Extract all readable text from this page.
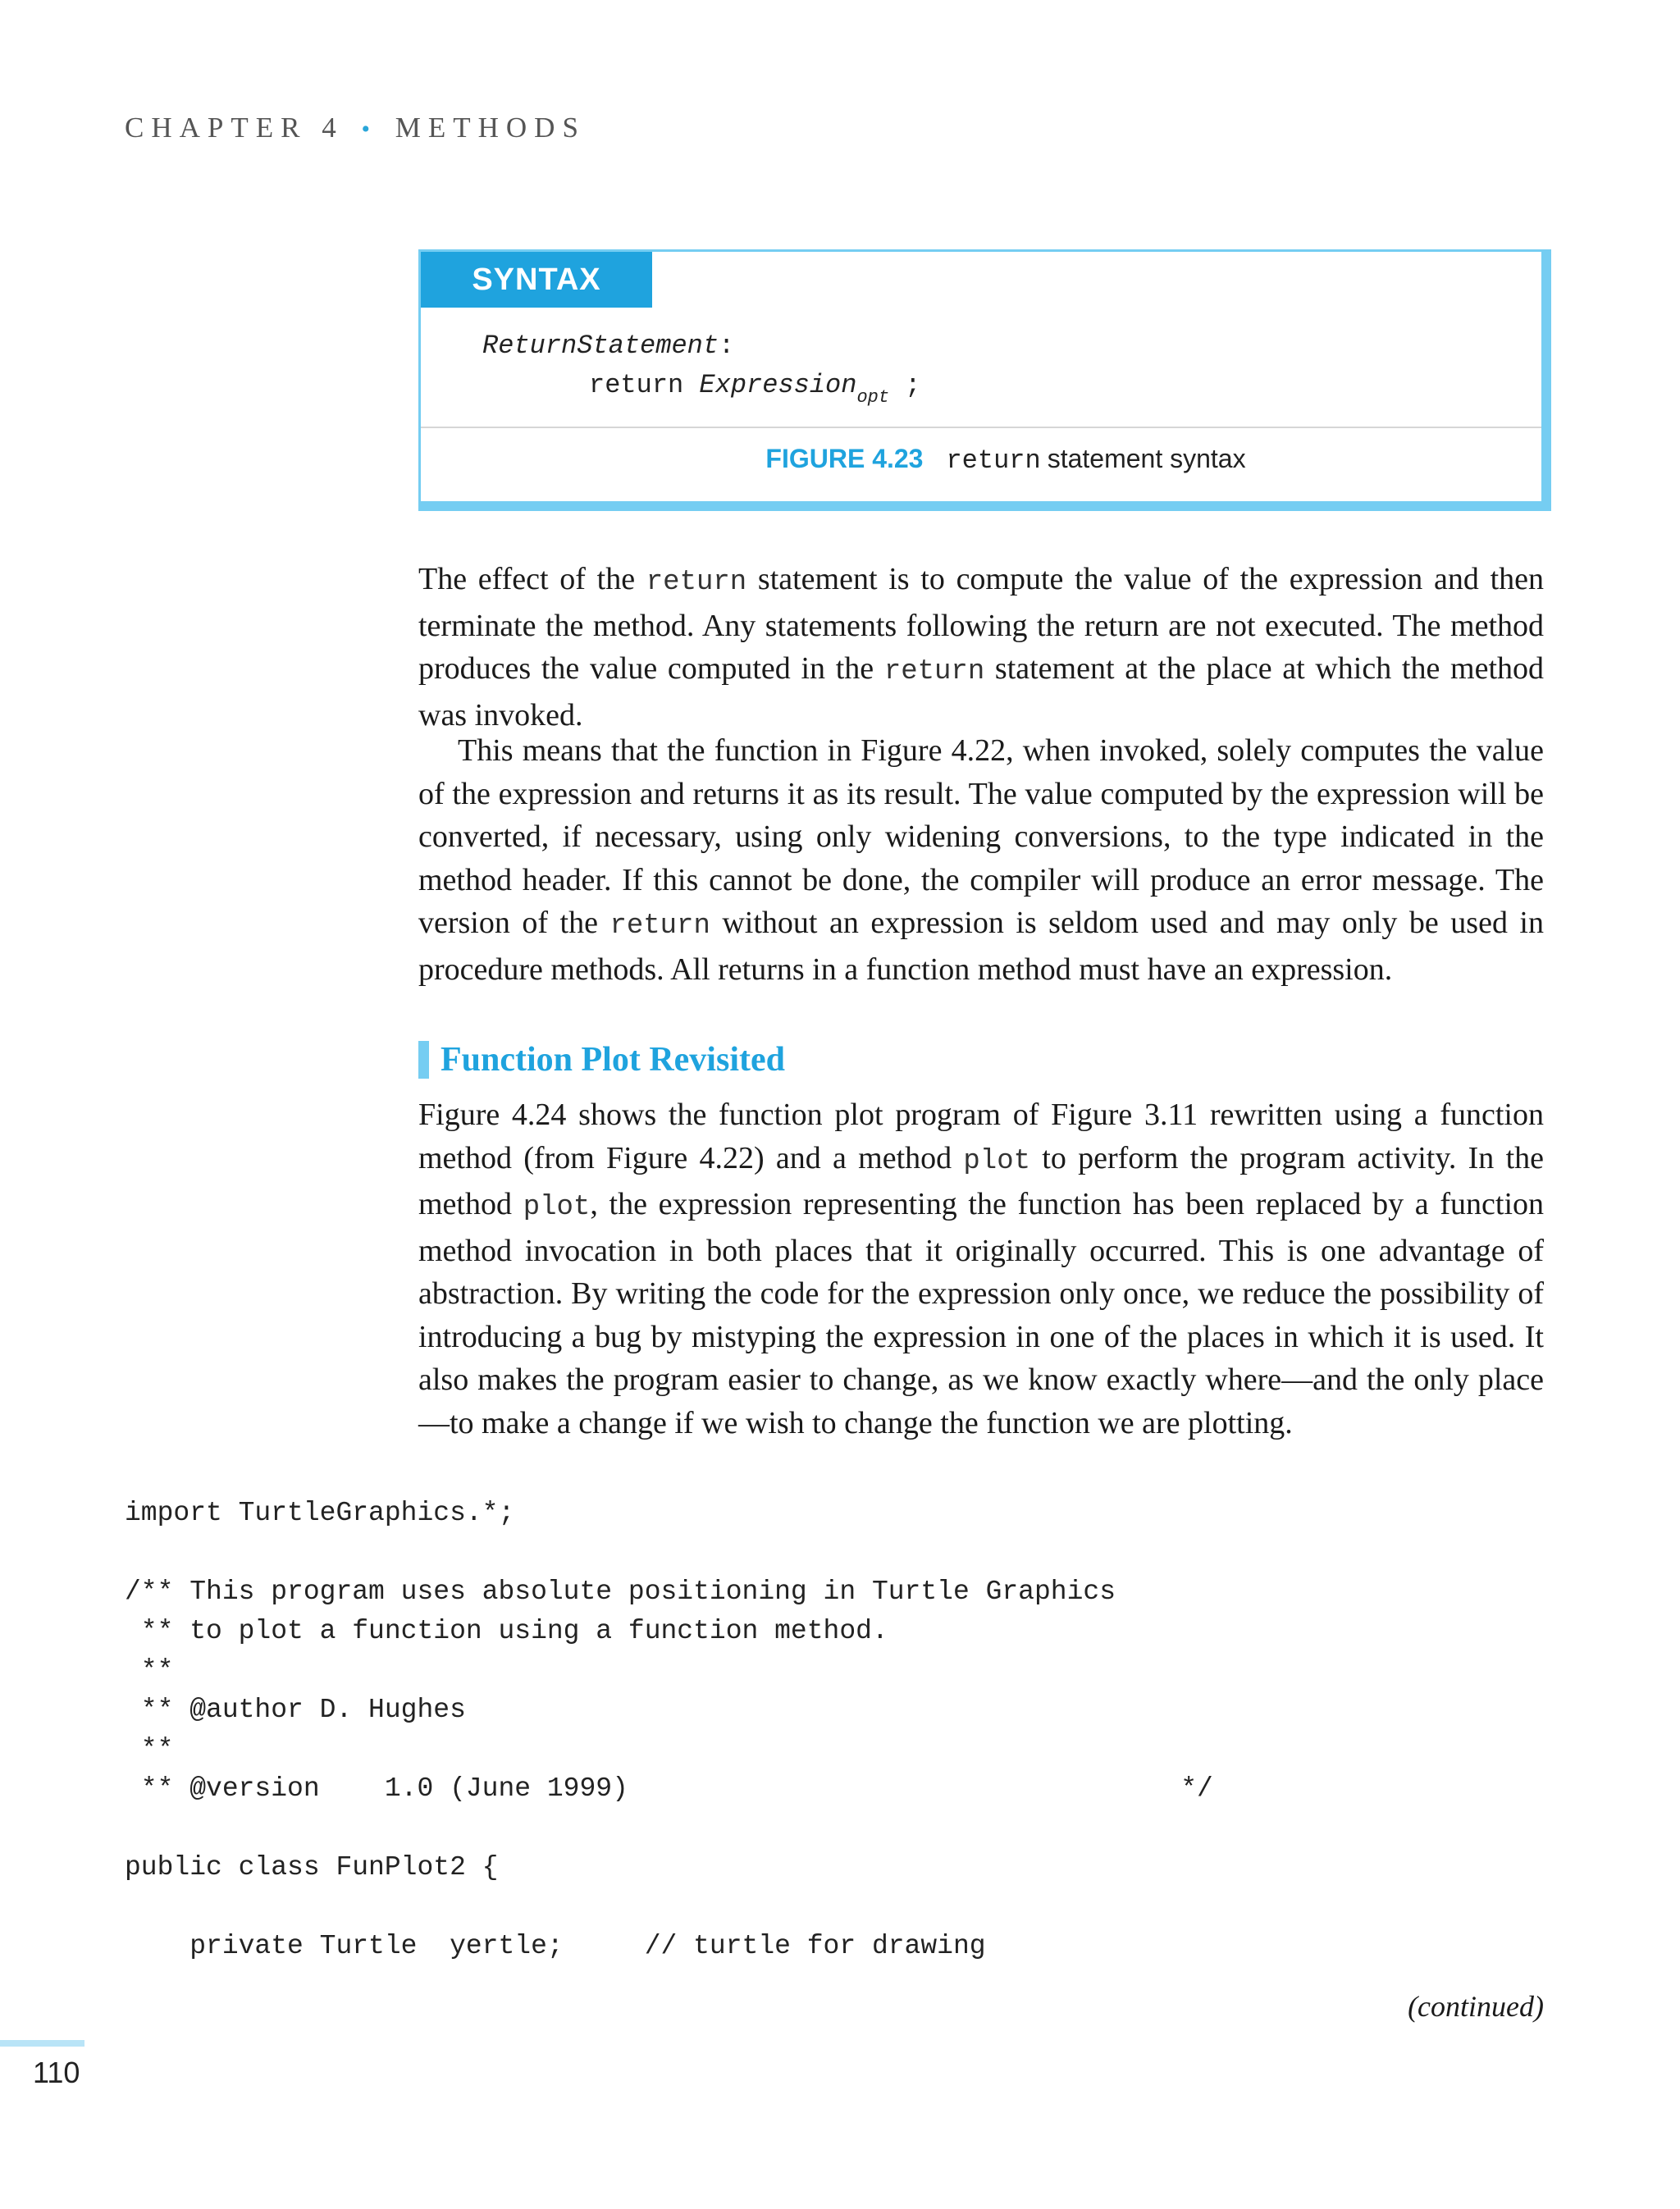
CHAPTER 4 • METHODS
SYNTAX
ReturnStatement:
return Expression$_{opt}$ ;
FIGURE 4.23 return statement syntax
The effect of the return statement is to compute the value of the expression and then terminate the method. Any statements following the return are not executed. The method produces the value computed in the return statement at the place at which the method was invoked.
This means that the function in Figure 4.22, when invoked, solely computes the value of the expression and returns it as its result. The value computed by the expression will be converted, if necessary, using only widening conversions, to the type indicated in the method header. If this cannot be done, the compiler will produce an error message. The version of the return without an expression is seldom used and may only be used in procedure methods. All returns in a function method must have an expression.
Function Plot Revisited
Figure 4.24 shows the function plot program of Figure 3.11 rewritten using a function method (from Figure 4.22) and a method plot to perform the program activity. In the method plot, the expression representing the function has been replaced by a function method invocation in both places that it originally occurred. This is one advantage of abstraction. By writing the code for the expression only once, we reduce the possibility of introducing a bug by mistyping the expression in one of the places in which it is used. It also makes the program easier to change, as we know exactly where—and the only place—to make a change if we wish to change the function we are plotting.
import TurtleGraphics.*;
/** This program uses absolute positioning in Turtle Graphics
** to plot a function using a function method.
**
** @author D. Hughes
**
** @version    1.0 (June 1999)                                  */
public class FunPlot2 {
private Turtle  yertle;     // turtle for drawing
(continued)
110
